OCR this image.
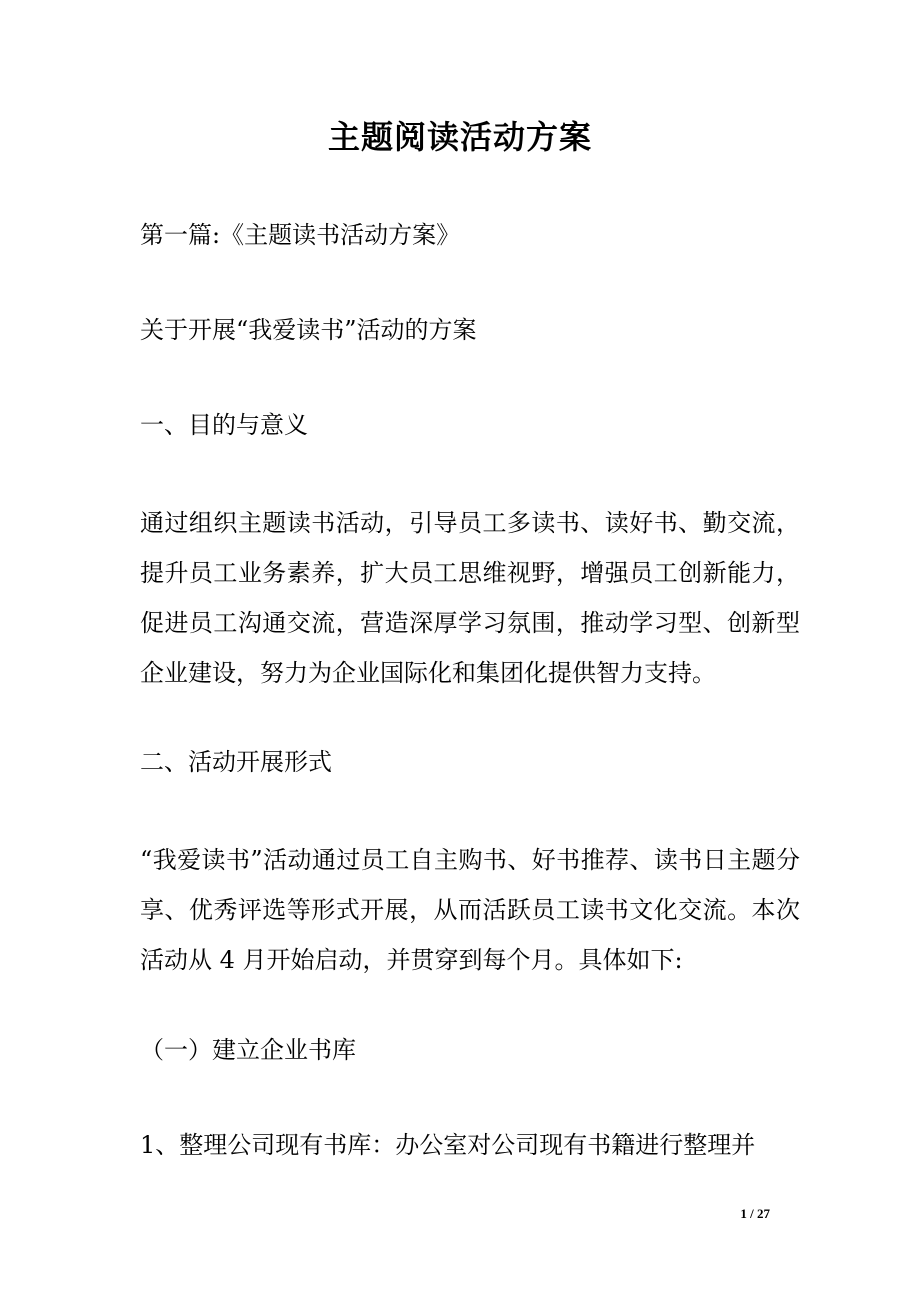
主题阅读活动方案
第一篇:《主题读书活动方案》
关于开展“我爱读书”活动的方案
一、目的与意义
通过组织主题读书活动，引导员工多读书、读好书、勤交流，提升员工业务素养，扩大员工思维视野，增强员工创新能力，促进员工沟通交流，营造深厚学习氛围，推动学习型、创新型企业建设，努力为企业国际化和集团化提供智力支持。
二、活动开展形式
“我爱读书”活动通过员工自主购书、好书推荐、读书日主题分享、优秀评选等形式开展，从而活跃员工读书文化交流。本次活动从 4 月开始启动，并贯穿到每个月。具体如下:
（一）建立企业书库
1、整理公司现有书库：办公室对公司现有书籍进行整理并
1 / 27
